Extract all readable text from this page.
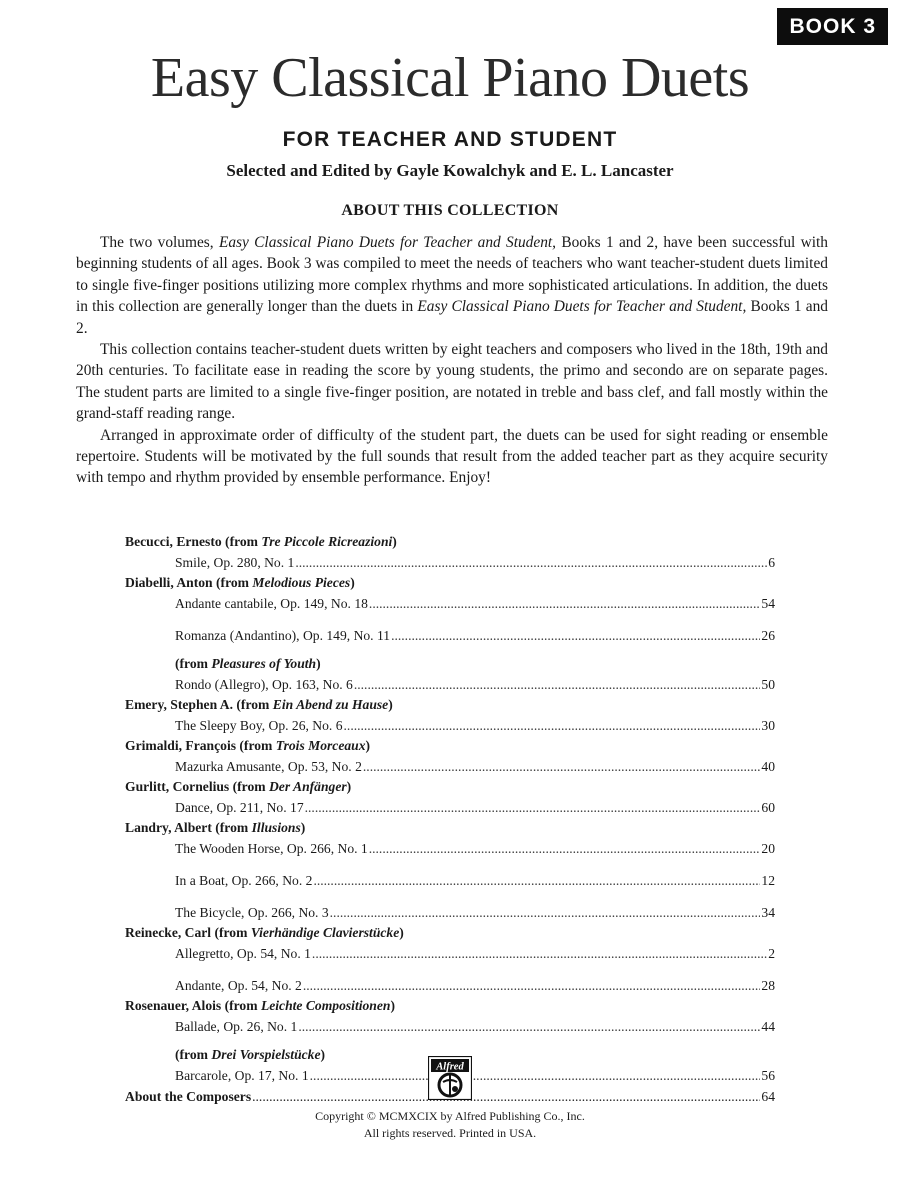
BOOK 3
Easy Classical Piano Duets
FOR TEACHER AND STUDENT
Selected and Edited by Gayle Kowalchyk and E. L. Lancaster
ABOUT THIS COLLECTION

The two volumes, Easy Classical Piano Duets for Teacher and Student, Books 1 and 2, have been successful with beginning students of all ages. Book 3 was compiled to meet the needs of teachers who want teacher-student duets limited to single five-finger positions utilizing more complex rhythms and more sophisticated articulations. In addition, the duets in this collection are generally longer than the duets in Easy Classical Piano Duets for Teacher and Student, Books 1 and 2.

This collection contains teacher-student duets written by eight teachers and composers who lived in the 18th, 19th and 20th centuries. To facilitate ease in reading the score by young students, the primo and secondo are on separate pages. The student parts are limited to a single five-finger position, are notated in treble and bass clef, and fall mostly within the grand-staff reading range.

Arranged in approximate order of difficulty of the student part, the duets can be used for sight reading or ensemble repertoire. Students will be motivated by the full sounds that result from the added teacher part as they acquire security with tempo and rhythm provided by ensemble performance. Enjoy!

Becucci, Ernesto (from Tre Piccole Ricreazioni)
Smile, Op. 280, No. 1 .....	6
Diabelli, Anton (from Melodious Pieces)
Andante cantabile, Op. 149, No. 18 .....	54
Romanza (Andantino), Op. 149, No. 11 .....	26
(from Pleasures of Youth)
Rondo (Allegro), Op. 163, No. 6 .....	50
Emery, Stephen A. (from Ein Abend zu Hause)
The Sleepy Boy, Op. 26, No. 6 .....	30
Grimaldi, François (from Trois Morceaux)
Mazurka Amusante, Op. 53, No. 2 .....	40
Gurlitt, Cornelius (from Der Anfänger)
Dance, Op. 211, No. 17 .....	60
Landry, Albert (from Illusions)
The Wooden Horse, Op. 266, No. 1 .....	20
In a Boat, Op. 266, No. 2 .....	12
The Bicycle, Op. 266, No. 3 .....	34
Reinecke, Carl (from Vierhändige Clavierstücke)
Allegretto, Op. 54, No. 1 .....	2
Andante, Op. 54, No. 2 .....	28
Rosenauer, Alois (from Leichte Compositionen)
Ballade, Op. 26, No. 1 .....	44
(from Drei Vorspielstücke)
Barcarole, Op. 17, No. 1 .....	56
About the Composers .....	64
Alfred
Copyright © MCMXCIX by Alfred Publishing Co., Inc.
All rights reserved. Printed in USA.
